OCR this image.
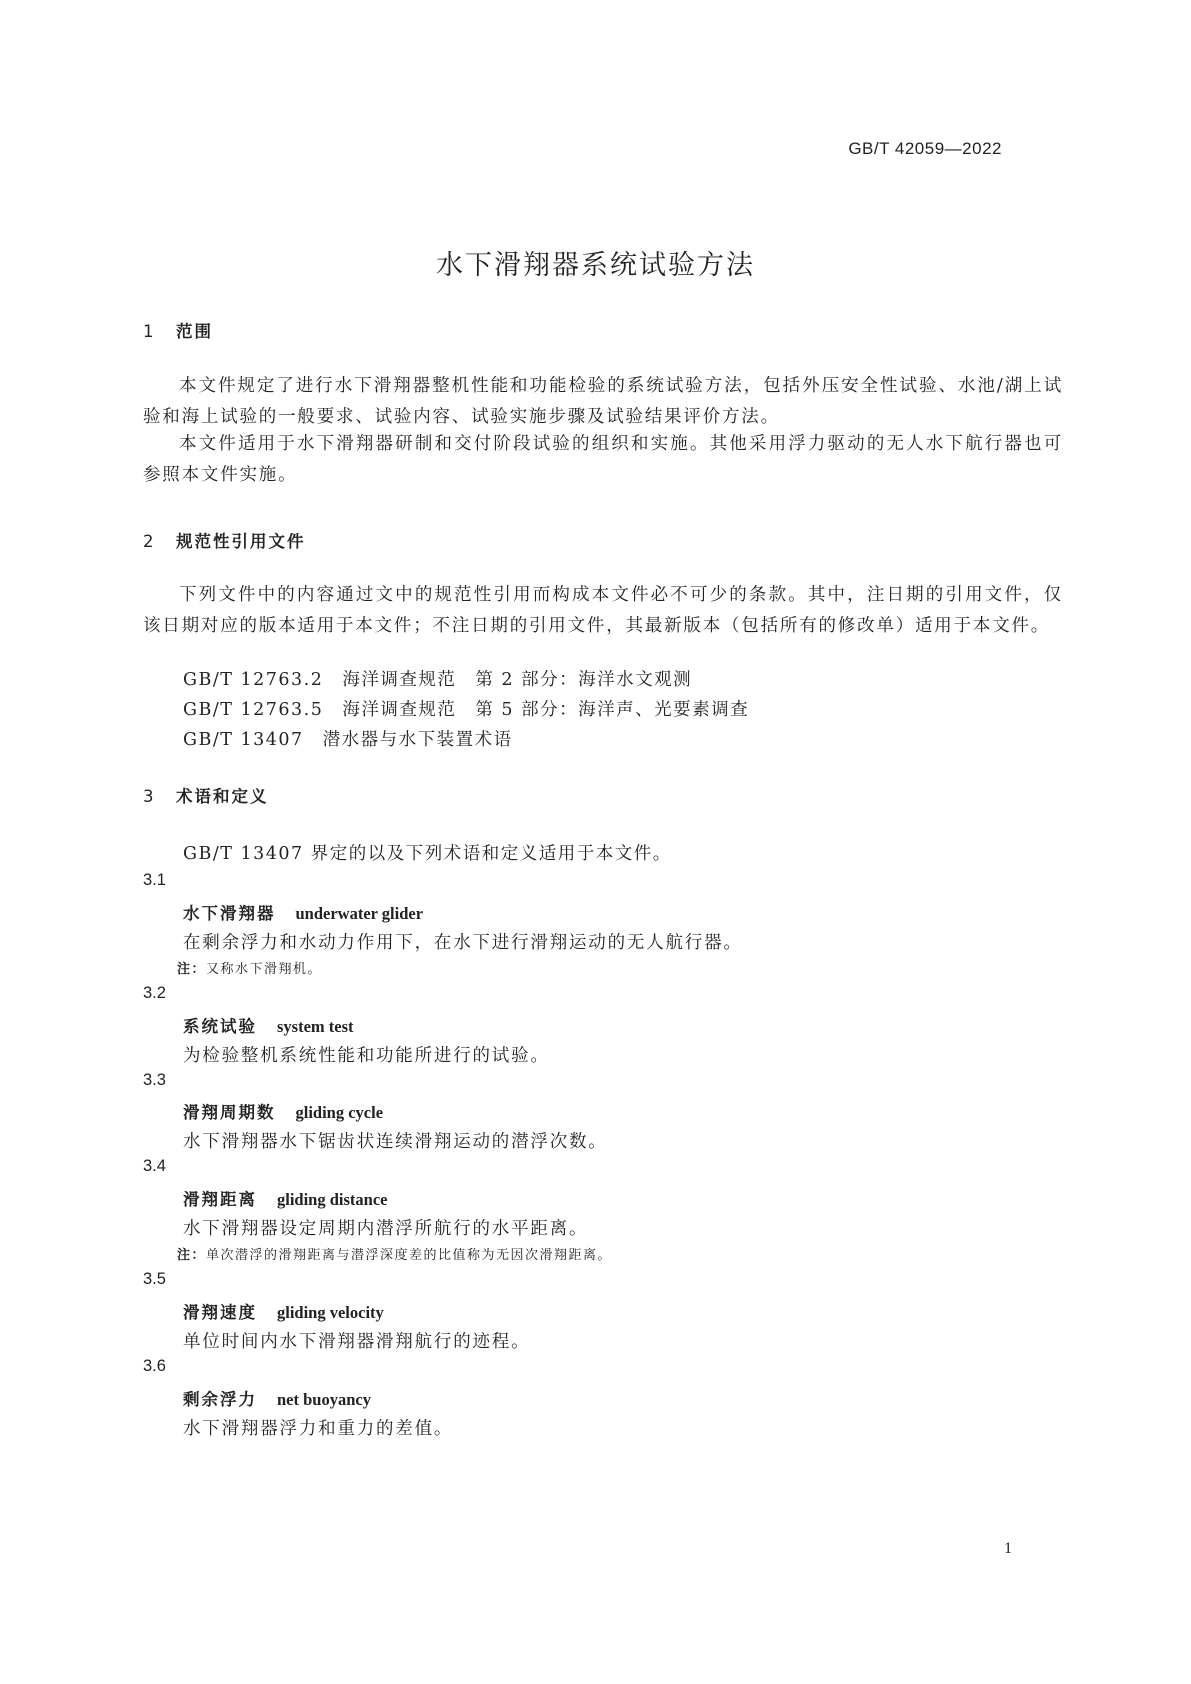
GB/T 42059—2022
水下滑翔器系统试验方法
1 范围
本文件规定了进行水下滑翔器整机性能和功能检验的系统试验方法，包括外压安全性试验、水池/湖上试验和海上试验的一般要求、试验内容、试验实施步骤及试验结果评价方法。
本文件适用于水下滑翔器研制和交付阶段试验的组织和实施。其他采用浮力驱动的无人水下航行器也可参照本文件实施。
2 规范性引用文件
下列文件中的内容通过文中的规范性引用而构成本文件必不可少的条款。其中，注日期的引用文件，仅该日期对应的版本适用于本文件；不注日期的引用文件，其最新版本（包括所有的修改单）适用于本文件。
GB/T 12763.2　 海洋调查规范　第 2 部分：海洋水文观测
GB/T 12763.5　 海洋调查规范　第 5 部分：海洋声、光要素调查
GB/T 13407　 潜水器与水下装置术语
3 术语和定义
GB/T 13407 界定的以及下列术语和定义适用于本文件。
3.1
水下滑翔器 underwater glider
在剩余浮力和水动力作用下，在水下进行滑翔运动的无人航行器。
注：又称水下滑翔机。
3.2
系统试验 system test
为检验整机系统性能和功能所进行的试验。
3.3
滑翔周期数 gliding cycle
水下滑翔器水下锯齿状连续滑翔运动的潜浮次数。
3.4
滑翔距离 gliding distance
水下滑翔器设定周期内潜浮所航行的水平距离。
注：单次潜浮的滑翔距离与潜浮深度差的比值称为无因次滑翔距离。
3.5
滑翔速度 gliding velocity
单位时间内水下滑翔器滑翔航行的迹程。
3.6
剩余浮力 net buoyancy
水下滑翔器浮力和重力的差值。
1
